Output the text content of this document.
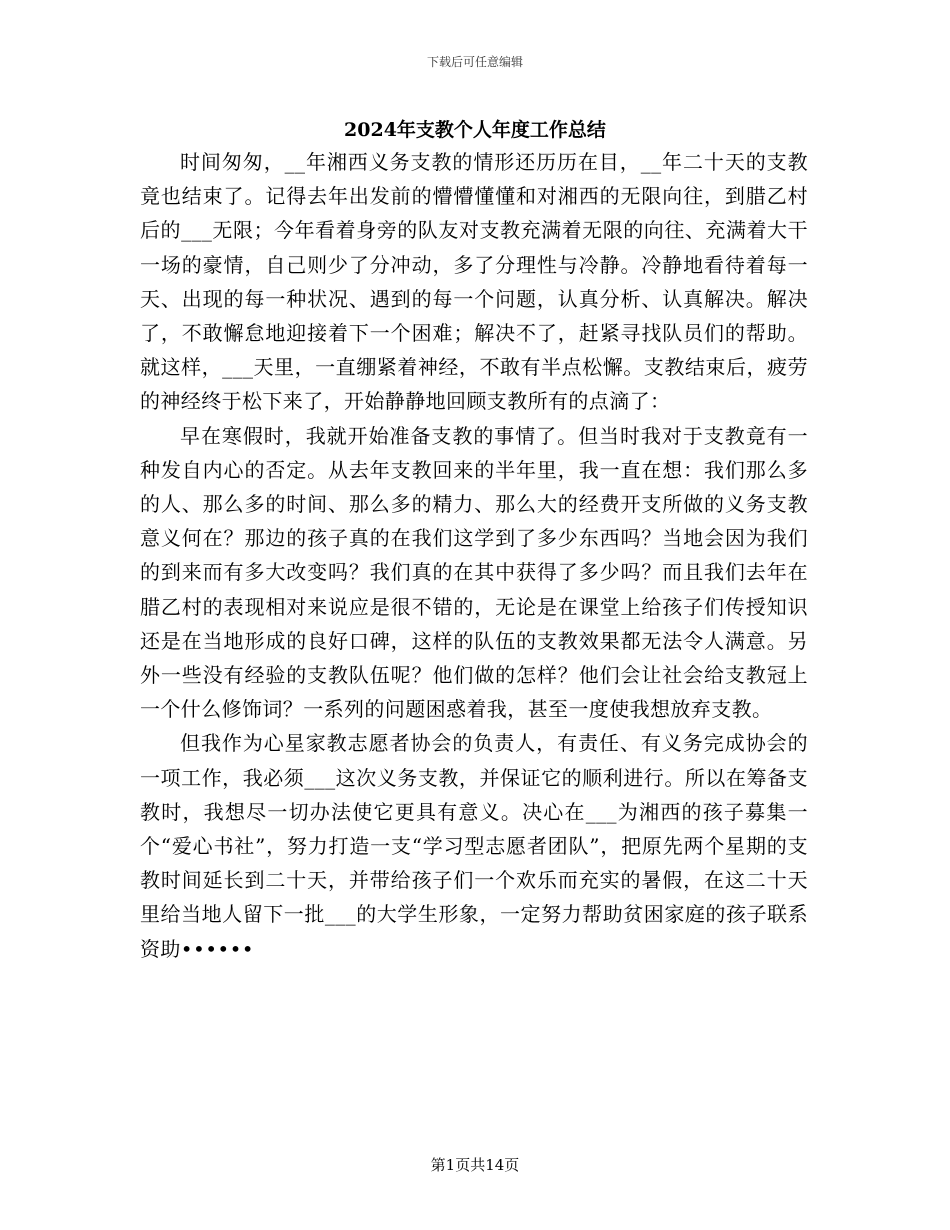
下载后可任意编辑
2024年支教个人年度工作总结

时间匆匆，__年湘西义务支教的情形还历历在目，__年二十天的支教竟也结束了。记得去年出发前的懵懵懂懂和对湘西的无限向往，到腊乙村后的___无限；今年看着身旁的队友对支教充满着无限的向往、充满着大干一场的豪情，自己则少了分冲动，多了分理性与冷静。冷静地看待着每一天、出现的每一种状况、遇到的每一个问题，认真分析、认真解决。解决了，不敢懈怠地迎接着下一个困难；解决不了，赶紧寻找队员们的帮助。就这样，___天里，一直绷紧着神经，不敢有半点松懈。支教结束后，疲劳的神经终于松下来了，开始静静地回顾支教所有的点滴了：

早在寒假时，我就开始准备支教的事情了。但当时我对于支教竟有一种发自内心的否定。从去年支教回来的半年里，我一直在想：我们那么多的人、那么多的时间、那么多的精力、那么大的经费开支所做的义务支教意义何在？那边的孩子真的在我们这学到了多少东西吗？当地会因为我们的到来而有多大改变吗？我们真的在其中获得了多少吗？而且我们去年在腊乙村的表现相对来说应是很不错的，无论是在课堂上给孩子们传授知识还是在当地形成的良好口碑，这样的队伍的支教效果都无法令人满意。另外一些没有经验的支教队伍呢？他们做的怎样？他们会让社会给支教冠上一个什么修饰词？一系列的问题困惑着我，甚至一度使我想放弃支教。

但我作为心星家教志愿者协会的负责人，有责任、有义务完成协会的一项工作，我必须___这次义务支教，并保证它的顺利进行。所以在筹备支教时，我想尽一切办法使它更具有意义。决心在___为湘西的孩子募集一个“爱心书社”，努力打造一支“学习型志愿者团队”，把原先两个星期的支教时间延长到二十天，并带给孩子们一个欢乐而充实的暑假，在这二十天里给当地人留下一批___的大学生形象，一定努力帮助贫困家庭的孩子联系资助••••••

第1页共14页
